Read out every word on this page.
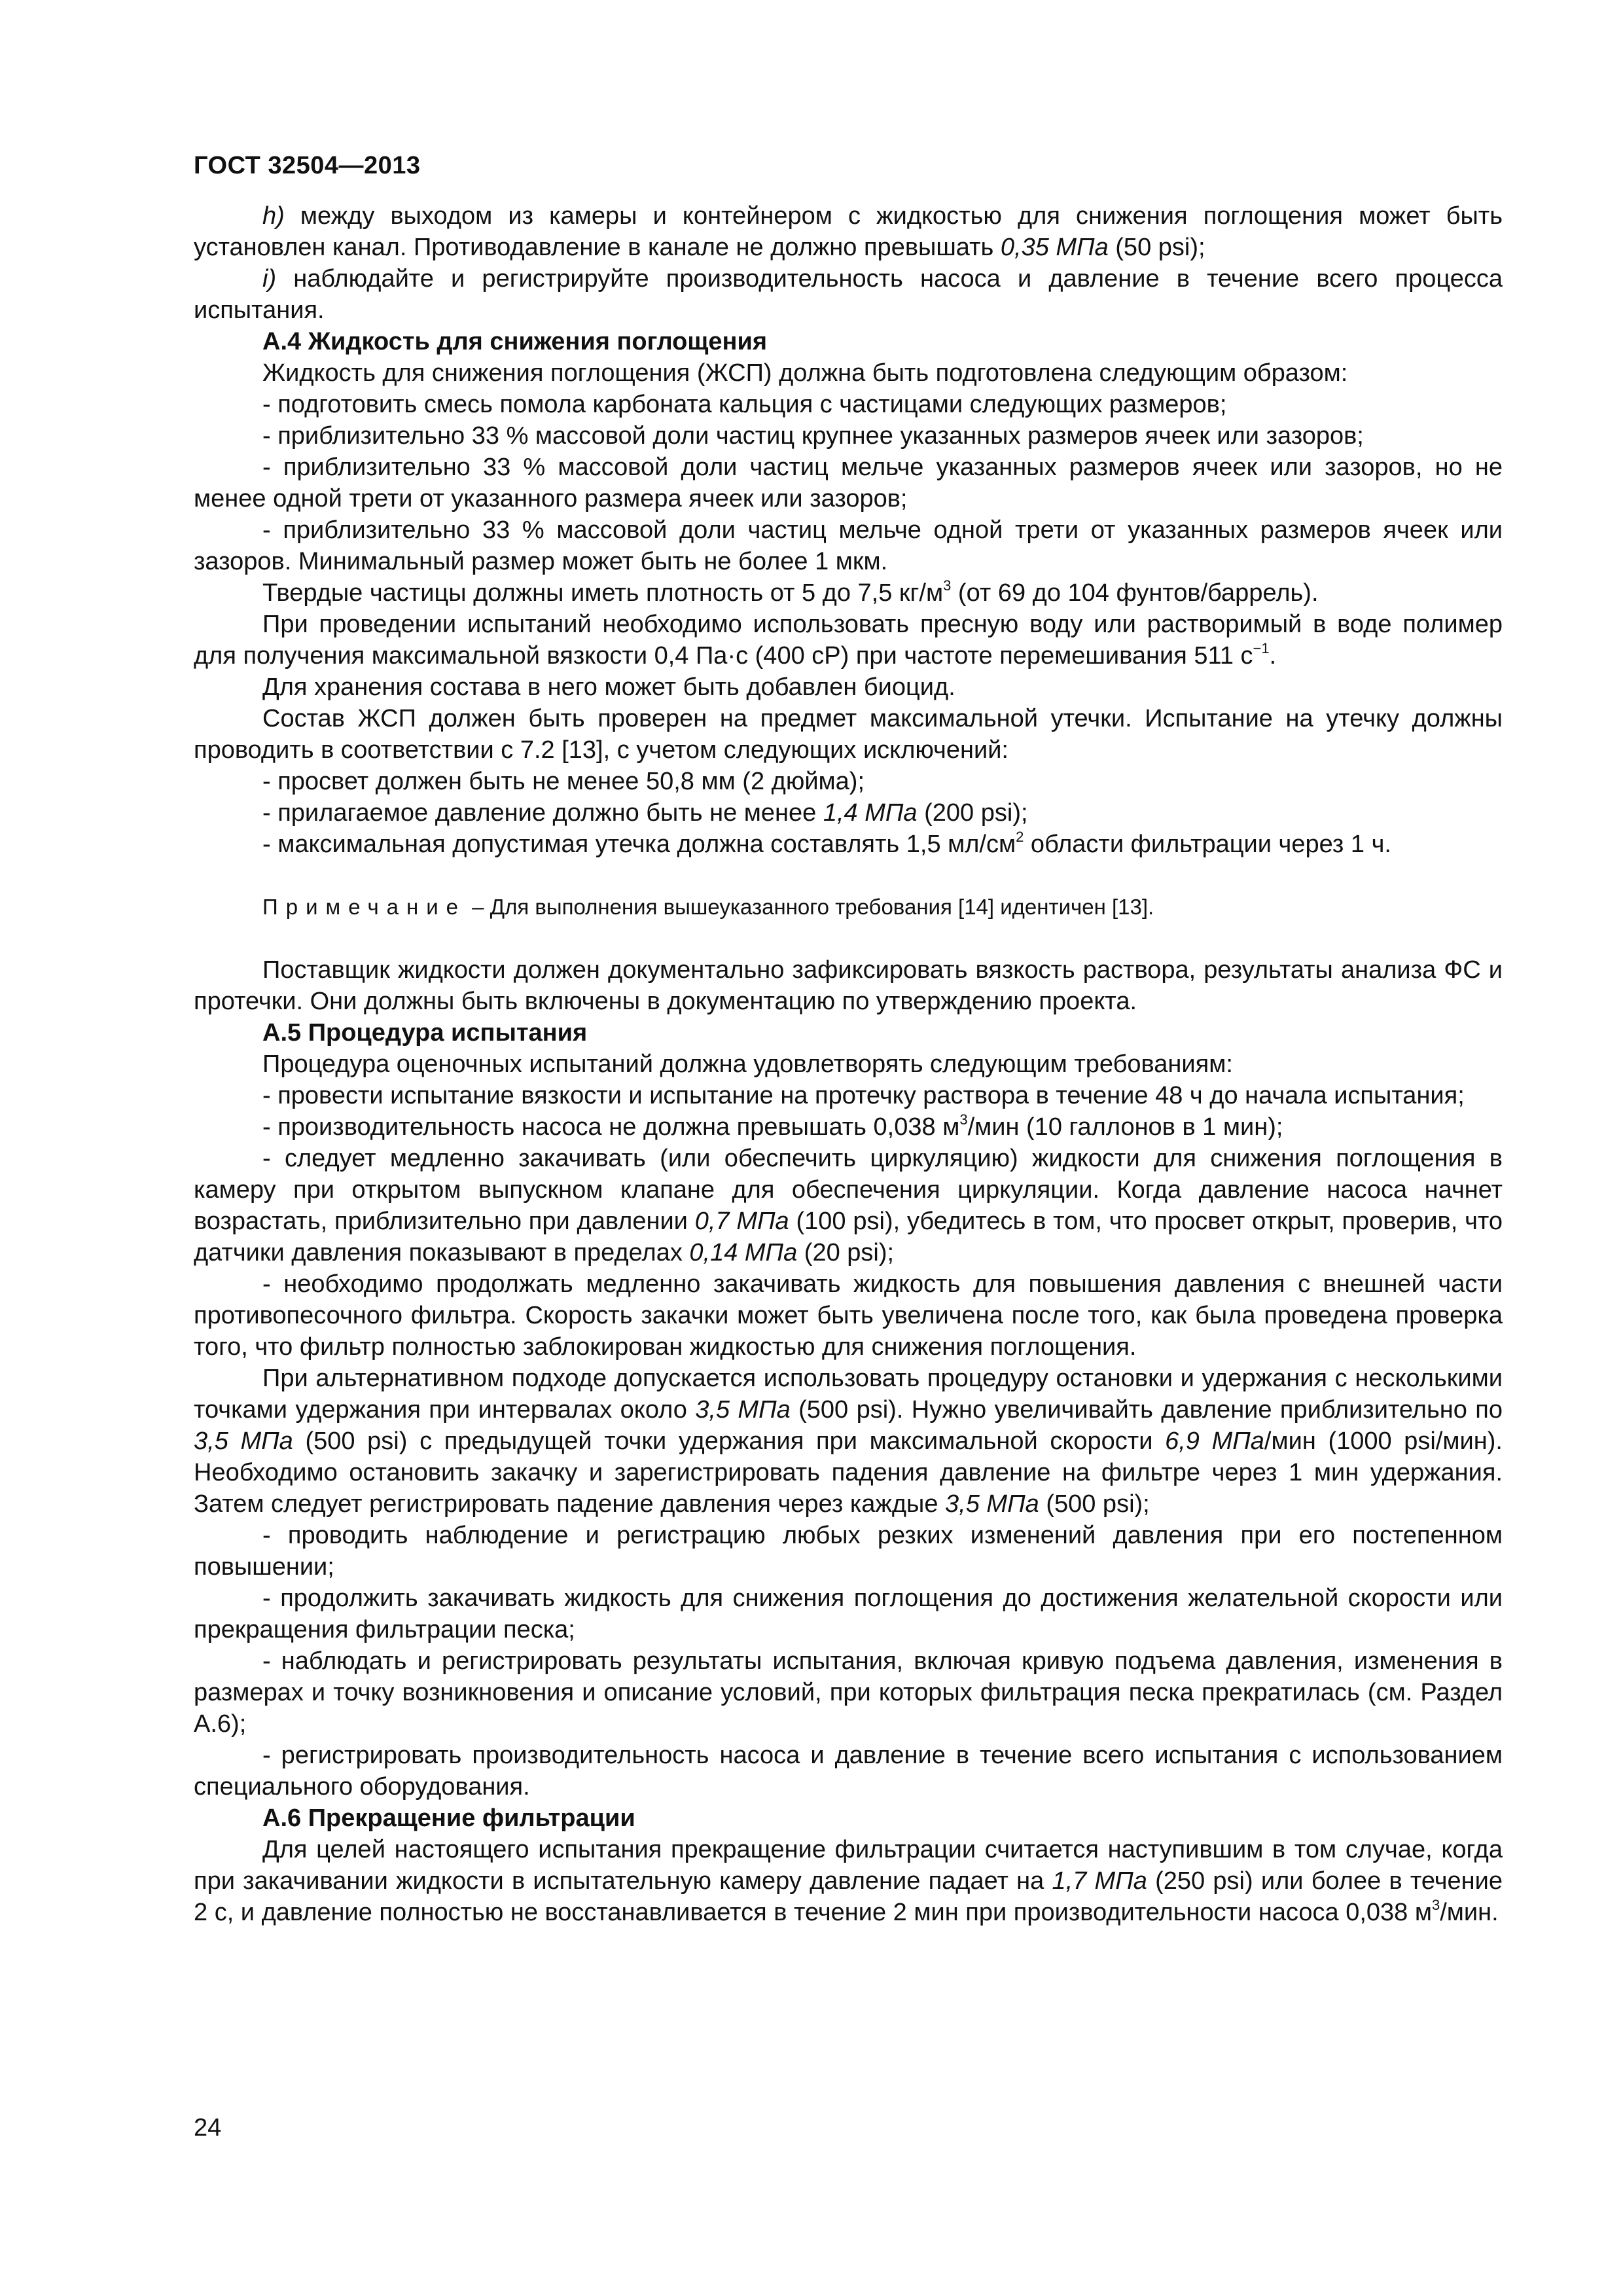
ГОСТ 32504—2013

h) между выходом из камеры и контейнером с жидкостью для снижения поглощения может быть установлен канал. Противодавление в канале не должно превышать 0,35 МПа (50 psi);

i) наблюдайте и регистрируйте производительность насоса и давление в течение всего процесса испытания.

А.4 Жидкость для снижения поглощения

Жидкость для снижения поглощения (ЖСП) должна быть подготовлена следующим образом:

- подготовить смесь помола карбоната кальция с частицами следующих размеров;

- приблизительно 33 % массовой доли частиц крупнее указанных размеров ячеек или зазоров;

- приблизительно 33 % массовой доли частиц мельче указанных размеров ячеек или зазоров, но не менее одной трети от указанного размера ячеек или зазоров;

- приблизительно 33 % массовой доли частиц мельче одной трети от указанных размеров ячеек или зазоров. Минимальный размер может быть не более 1 мкм.

Твердые частицы должны иметь плотность от 5 до 7,5 $кг/м^3$ (от 69 до 104 фунтов/баррель).

При проведении испытаний необходимо использовать пресную воду или растворимый в воде полимер для получения максимальной вязкости 0,4 Па·с (400 сР) при частоте перемешивания 511 $с^{-1}$.

Для хранения состава в него может быть добавлен биоцид.

Состав ЖСП должен быть проверен на предмет максимальной утечки. Испытание на утечку должны проводить в соответствии с 7.2 [13], с учетом следующих исключений:

- просвет должен быть не менее 50,8 мм (2 дюйма);

- прилагаемое давление должно быть не менее 1,4 МПа (200 psi);

- максимальная допустимая утечка должна составлять 1,5 $мл/см^2$ области фильтрации через 1 ч.

Примечание – Для выполнения вышеуказанного требования [14] идентичен [13].

Поставщик жидкости должен документально зафиксировать вязкость раствора, результаты анализа ФС и протечки. Они должны быть включены в документацию по утверждению проекта.

А.5 Процедура испытания

Процедура оценочных испытаний должна удовлетворять следующим требованиям:

- провести испытание вязкости и испытание на протечку раствора в течение 48 ч до начала испытания;

- производительность насоса не должна превышать 0,038 $м^3$/мин (10 галлонов в 1 мин);

- следует медленно закачивать (или обеспечить циркуляцию) жидкости для снижения поглощения в камеру при открытом выпускном клапане для обеспечения циркуляции. Когда давление насоса начнет возрастать, приблизительно при давлении 0,7 МПа (100 psi), убедитесь в том, что просвет открыт, проверив, что датчики давления показывают в пределах 0,14 МПа (20 psi);

- необходимо продолжать медленно закачивать жидкость для повышения давления с внешней части противопесочного фильтра. Скорость закачки может быть увеличена после того, как была проведена проверка того, что фильтр полностью заблокирован жидкостью для снижения поглощения.

При альтернативном подходе допускается использовать процедуру остановки и удержания с несколькими точками удержания при интервалах около 3,5 МПа (500 psi). Нужно увеличивайть давление приблизительно по 3,5 МПа (500 psi) с предыдущей точки удержания при максимальной скорости 6,9 МПа/мин (1000 psi/мин). Необходимо остановить закачку и зарегистрировать падения давление на фильтре через 1 мин удержания. Затем следует регистрировать падение давления через каждые 3,5 МПа (500 psi);

- проводить наблюдение и регистрацию любых резких изменений давления при его постепенном повышении;

- продолжить закачивать жидкость для снижения поглощения до достижения желательной скорости или прекращения фильтрации песка;

- наблюдать и регистрировать результаты испытания, включая кривую подъема давления, изменения в размерах и точку возникновения и описание условий, при которых фильтрация песка прекратилась (см. Раздел А.6);

- регистрировать производительность насоса и давление в течение всего испытания с использованием специального оборудования.

А.6 Прекращение фильтрации

Для целей настоящего испытания прекращение фильтрации считается наступившим в том случае, когда при закачивании жидкости в испытательную камеру давление падает на 1,7 МПа (250 psi) или более в течение 2 с, и давление полностью не восстанавливается в течение 2 мин при производительности насоса 0,038 $м^3$/мин.

24
